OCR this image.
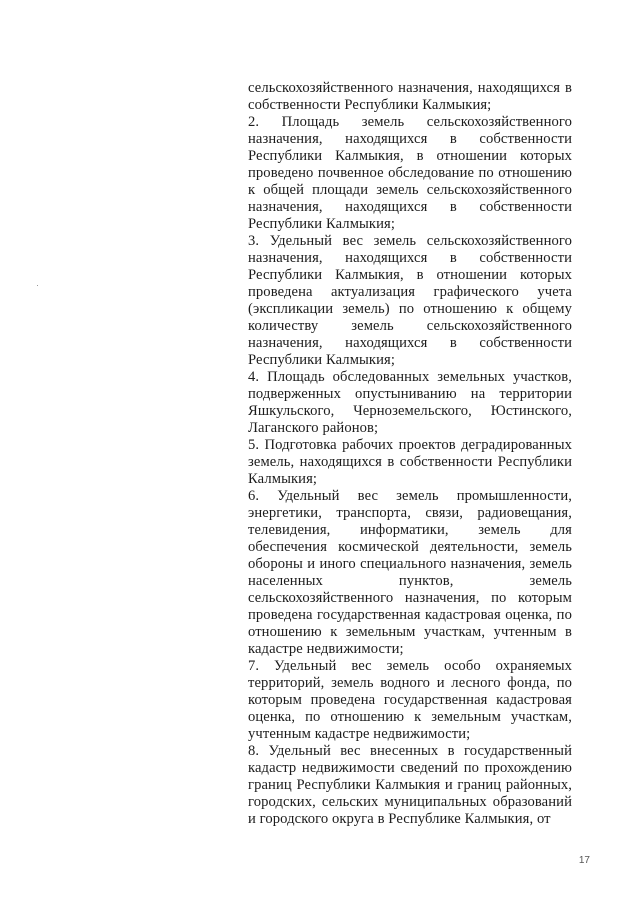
сельскохозяйственного назначения, находящихся в собственности Республики Калмыкия;

2. Площадь земель сельскохозяйственного назначения, находящихся в собственности Республики Калмыкия, в отношении которых проведено почвенное обследование по отношению к общей площади земель сельскохозяйственного назначения, находящихся в собственности Республики Калмыкия;

3. Удельный вес земель сельскохозяйственного назначения, находящихся в собственности Республики Калмыкия, в отношении которых проведена актуализация графического учета (экспликации земель) по отношению к общему количеству земель сельскохозяйственного назначения, находящихся в собственности Республики Калмыкия;

4. Площадь обследованных земельных участков, подверженных опустыниванию на территории Яшкульского, Черноземельского, Юстинского, Лаганского районов;

5. Подготовка рабочих проектов деградированных земель, находящихся в собственности Республики Калмыкия;

6. Удельный вес земель промышленности, энергетики, транспорта, связи, радиовещания, телевидения, информатики, земель для обеспечения космической деятельности, земель обороны и иного специального назначения, земель населенных пунктов, земель сельскохозяйственного назначения, по которым проведена государственная кадастровая оценка, по отношению к земельным участкам, учтенным в кадастре недвижимости;

7. Удельный вес земель особо охраняемых территорий, земель водного и лесного фонда, по которым проведена государственная кадастровая оценка, по отношению к земельным участкам, учтенным кадастре недвижимости;

8. Удельный вес внесенных в государственный кадастр недвижимости сведений по прохождению границ Республики Калмыкия и границ районных, городских, сельских муниципальных образований и городского округа в Республике Калмыкия, от

17
